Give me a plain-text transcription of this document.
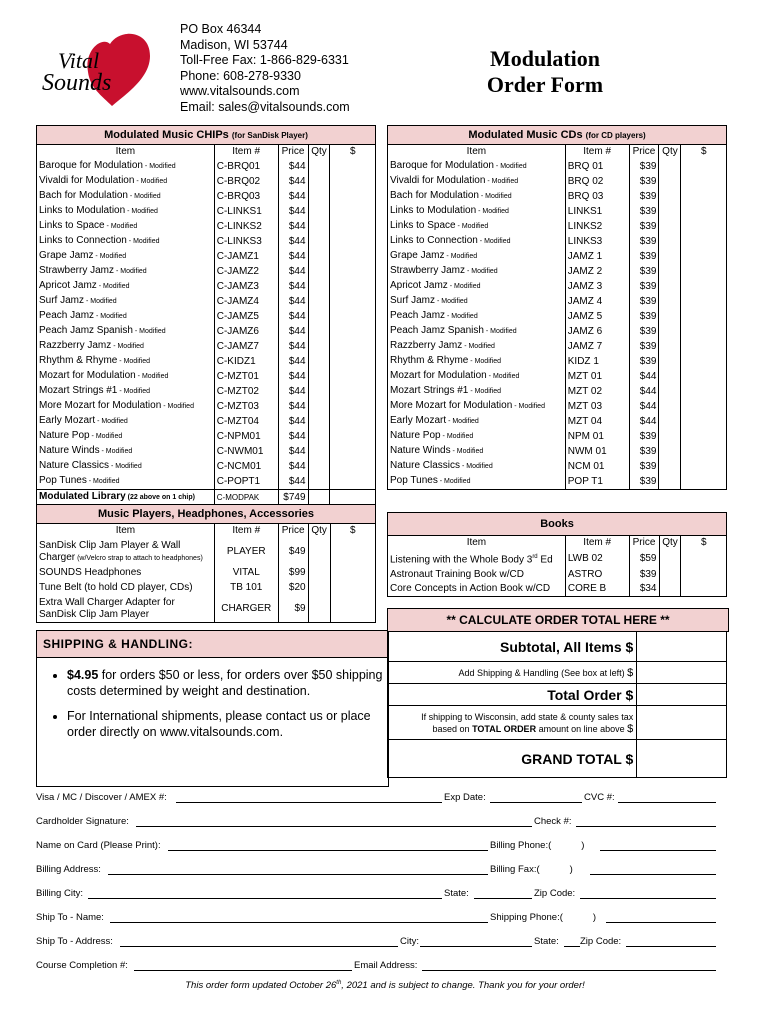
Vital
Sounds
PO Box 46344
Madison, WI 53744
Toll-Free Fax: 1-866-829-6331
Phone: 608-278-9330
www.vitalsounds.com
Email: sales@vitalsounds.com
Modulation
Order Form
Modulated Music CHIPs (for SanDisk Player)
Item	Item #	Price	Qty	$
Baroque for Modulation - Modified	C-BRQ01	$44		
Vivaldi for Modulation - Modified	C-BRQ02	$44		
Bach for Modulation - Modified	C-BRQ03	$44		
Links to Modulation - Modified	C-LINKS1	$44		
Links to Space - Modified	C-LINKS2	$44		
Links to Connection - Modified	C-LINKS3	$44		
Grape Jamz - Modified	C-JAMZ1	$44		
Strawberry Jamz - Modified	C-JAMZ2	$44		
Apricot Jamz - Modified	C-JAMZ3	$44		
Surf Jamz - Modified	C-JAMZ4	$44		
Peach Jamz - Modified	C-JAMZ5	$44		
Peach Jamz Spanish - Modified	C-JAMZ6	$44		
Razzberry Jamz - Modified	C-JAMZ7	$44		
Rhythm & Rhyme - Modified	C-KIDZ1	$44		
Mozart for Modulation - Modified	C-MZT01	$44		
Mozart Strings #1 - Modified	C-MZT02	$44		
More Mozart for Modulation - Modified	C-MZT03	$44		
Early Mozart - Modified	C-MZT04	$44		
Nature Pop - Modified	C-NPM01	$44		
Nature Winds - Modified	C-NWM01	$44		
Nature Classics - Modified	C-NCM01	$44		
Pop Tunes - Modified	C-POPT1	$44		
Modulated Library (22 above on 1 chip)	C-MODPAK	$749		
Modulated Music CDs (for CD players)
Item	Item #	Price	Qty	$
Baroque for Modulation - Modified	BRQ 01	$39		
Vivaldi for Modulation - Modified	BRQ 02	$39		
Bach for Modulation - Modified	BRQ 03	$39		
Links to Modulation - Modified	LINKS1	$39		
Links to Space - Modified	LINKS2	$39		
Links to Connection - Modified	LINKS3	$39		
Grape Jamz - Modified	JAMZ 1	$39		
Strawberry Jamz - Modified	JAMZ 2	$39		
Apricot Jamz - Modified	JAMZ 3	$39		
Surf Jamz - Modified	JAMZ 4	$39		
Peach Jamz - Modified	JAMZ 5	$39		
Peach Jamz Spanish - Modified	JAMZ 6	$39		
Razzberry Jamz - Modified	JAMZ 7	$39		
Rhythm & Rhyme - Modified	KIDZ 1	$39		
Mozart for Modulation - Modified	MZT 01	$44		
Mozart Strings #1 - Modified	MZT 02	$44		
More Mozart for Modulation - Modified	MZT 03	$44		
Early Mozart - Modified	MZT 04	$44		
Nature Pop - Modified	NPM 01	$39		
Nature Winds - Modified	NWM 01	$39		
Nature Classics - Modified	NCM 01	$39		
Pop Tunes - Modified	POP T1	$39		
Music Players, Headphones, Accessories
Item	Item #	Price	Qty	$
SanDisk Clip Jam Player & Wall
Charger (w/Velcro strap to attach to headphones)	PLAYER	$49		
SOUNDS Headphones	VITAL	$99		
Tune Belt (to hold CD player, CDs)	TB 101	$20		
Extra Wall Charger Adapter for
SanDisk Clip Jam Player	CHARGER	$9		
Books
Item	Item #	Price	Qty	$
Listening with the Whole Body 3rd Ed	LWB 02	$59		
Astronaut Training Book w/CD	ASTRO	$39		
Core Concepts in Action Book w/CD	CORE B	$34		
SHIPPING & HANDLING:
• $4.95 for orders $50 or less, for orders over $50 shipping costs determined by weight and destination.
• For International shipments, please contact us or place order directly on www.vitalsounds.com.
** CALCULATE ORDER TOTAL HERE **
Subtotal, All Items $	
Add Shipping & Handling (See box at left) $	
Total Order $	
If shipping to Wisconsin, add state & county sales tax
based on TOTAL ORDER amount on line above $	
GRAND TOTAL $	
Visa / MC / Discover / AMEX #:	Exp Date:	CVC #:
Cardholder Signature:	Check #:
Name on Card (Please Print):	Billing Phone:(	)
Billing Address:	Billing Fax:(	)
Billing City:	State:	Zip Code:
Ship To - Name:	Shipping Phone:(	)
Ship To - Address:	City:	State: Zip Code:
Course Completion #:	Email Address:
This order form updated October 26th, 2021 and is subject to change. Thank you for your order!
